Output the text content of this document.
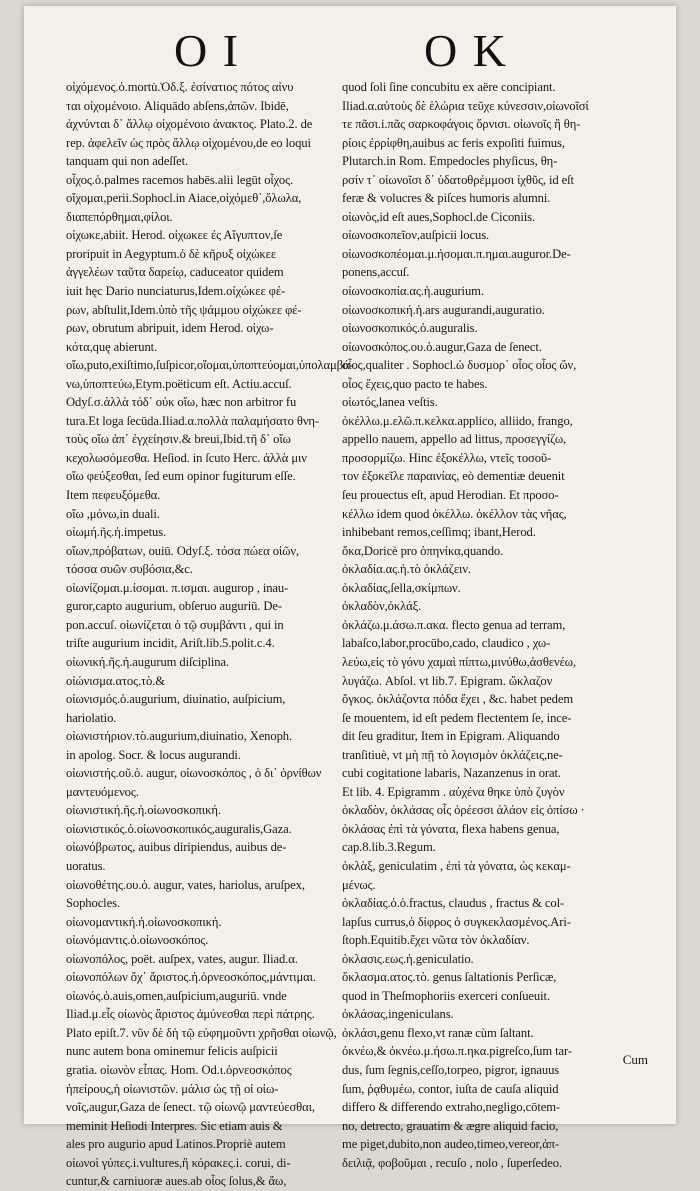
O I	O K
οἰχόμενος.ὁ.mortu̇.Ὁδ.ξ. ἐσίνατιος πότος αἰνυ
ται οἰχομένοιο. Aliquādo abſens,ἀπῶν. Ibidē,
ἀχνύνται δ᾽ ἄλλῳ οἰχομένοιο ἀνακτος. Plato.2. de
rep. ἀφελεῖν ὡς πρὸς ἄλλῳ οἰχομένου,de eo loqui
tanquam qui non adeſſet.
οἶχος.ὁ.palmes racemos habēs.alii legūt οἶχος.
οἴχομαι,perii.Sophocl.in Aiace,οἰχόμεθ᾽,ὄλωλα,
διαπεπόρθημαι,φίλοι.
οἰχωκε,abiit. Herod. οἰχωκεε ἐς Αἴγυπτον,ſe
proripuit in Aegyptum.ὁ δὲ κῆρυξ οἰχώκεε
ἀγγελέων ταῦτα δαρείῳ, caduceator quidem
iuit hęc Dario nunciaturus,Idem.οἰχώκεε φέ-
ρων, abſtulit,Idem.ὑπὸ τῆς ψάμμου οἰχώκεε φέ-
ρων, obrutum abripuit, idem Herod. οἰχω-
κότα,quę abierunt.
οἴω,puto,exiſtimo,ſuſpicor,οἴομαι,ὑποπτεύομαι,ὑπολαμβά-
νω,ὑποπτεύω,Etym.poëticum eſt. Actiu.accuſ.
Odyſ.σ.ἀλλὰ τόδ᾽ οὐκ οἴω, hæc non arbitror fu
tura.Et loga ſecūda.Iliad.α.πολλὰ παλαμήσατο θνη-
τοὺς οἴω ἀπ᾽ ἐγχείησιν.& breui,Ibid.τῆ δ᾽ οἴω
κεχολωσόμεσθα. Heſiod. in ſcuto Herc. ἀλλὰ μιν
οἴω φεύξεσθαι, ſed eum opinor fugiturum eſſe.
Item πεφευξόμεθα.
οἴω ,μόνω,in duali.
οἰωμή.ῆς.ἡ.impetus.
οἴων,πρόβατων, ouiū. Odyſ.ξ. τόσα πώεα οἰῶν,
τόσσα συῶν συβόσια,&c.
οἰωνίζομαι.μ.ίσομαι. π.ισμαι. augurор , inau-
guror,capto augurium, obſeruo auguriū. De-
pon.accuſ. οἰωνίζεται ὁ τῷ συμβάντι , qui in
triſte augurium incidit, Ariſt.lib.5.polit.c.4.
οἰωνική.ῆς.ἡ.augurum diſciplina.
οἰώνισμα.ατος.τὸ.&
οἰωνισμός.ὁ.augurium, diuinatio, auſpicium,
hariolatio.
οἰωνιστήριον.τὸ.augurium,diuinatio, Xenoph.
in apolog. Socr. & locus augurandi.
οἰωνιστής.οῦ.ὁ. augur, οἰωνοσκόπος , ὁ δι᾽ ὀρνίθων
μαντευόμενος.
οἰωνιστική.ῆς.ἡ.οἰωνοσκοπική.
οἰωνιστικός.ὁ.οἰωνοσκοπικός,auguralis,Gaza.
οἰωνόβρωτος, auibus diripiendus, auibus de-
uoratus.
οἰωνοθέτης.ου.ὁ. augur, vates, hariolus, aruſpex,
Sophocles.
οἰωνομαντική.ἡ.οἰωνοσκοπική.
οἰωνόμαντις.ὁ.οἰωνοσκόπος.
οἰωνοπόλος, poët. auſpex, vates, augur. Iliad.α.
οἰωνοπόλων ὄχ᾽ ἄριστος.ἡ.ὀρνεοσκόπος,μάντιμαι.
οἰωνός.ὁ.auis,omen,auſpicium,auguriū. vnde
Iliad.μ.εἷς οἰωνὸς ἄριστος ἀμύνεσθαι περὶ πάτρης.
Plato epiſt.7. νῦν δὲ δὴ τῷ εὐφημοῦντι χρῆσθαι οἰωνῷ,
nunc autem bona ominemur felicis auſpicii
gratia. οἰωνὸν εἶπας. Hom. Od.ι.ὀρνεοσκόπος
ἠπείρους,ἡ οἰωνιστῶν. μάλισ ὡς τῇ οἰ οἰω-
νοῖς,augur,Gaza de ſenect. τῷ οἰωνῷ μαντεύεσθαι,
meminit Heſiodi Interpres. Sic etiam auis &
ales pro augurio apud Latinos.Propriè autem
οἰωνοὶ γύπες.i.vultures,ἢ κόρακες.i. corui, di-
cuntur,& carniuoræ aues.ab οἶος ſolus,& ἄω,
quod ſoli ſine concubitu ex aëre concipiant.
Iliad.α.αὐτοὺς δὲ ἑλώρια τεῦχε κύνεσσιν,οἰωνοῖσί
τε πᾶσι.i.πᾶς σαρκοφάγοις ὄρνισι. οἰωνοῖς ἢ θη-
ρίοις ἐρρίφθη,auibus ac feris expoſiti fuimus,
Plutarch.in Rom. Empedocles phyſicus, θη-
ρσίν τ᾽ οἰωνοῖσι δ᾽ ὑδατοθρέμμοσι ἰχθῦς, id eſt
feræ & volucres & piſces humoris alumni.
οἰωνὸς,id eſt aues,Sophocl.de Ciconiis.
οἰωνοσκοπεῖον,auſpicii locus.
οἰωνοσκοπέομαι.μ.ήσομαι.π.ημαι.augurоr.De-
ponens,accuſ.
οἰωνοσκοπία.ας.ἡ.augurium.
οἰωνοσκοπική.ἡ.ars augurandi,auguratio.
οἰωνοσκοπικός.ὁ.auguralis.
οἰωνοσκόπος.ου.ὁ.augur,Gaza de ſenect.
οἶος,qualiter . Sophocl.ὡ δυσμορ᾽ οἷος οἶος ὤν,
οἶος ἔχεις,quo pacto te habes.
οἰωτός,lanea veſtis.
ὀκέλλω.μ.ελῶ.π.κελκα.applico, alliido, frango,
appello nauem, appello ad littus, προσεγγίζω,
προσορμίζω. Hinc ἐξοκέλλω, ντεῖς τοσοῦ-
τον ἐξοκεῖλε παραινίας, eò dementiæ deuenit
ſeu prouectus eſt, apud Herodian. Et προσο-
κέλλω idem quod ὀκέλλω. ὀκέλλον τὰς νῆας,
inhibebant remos,ceſſimq; ibant,Herod.
ὄκα,Doricè pro ὁπηνίκα,quando.
ὀκλαδία.ας.ἡ.τὸ ὀκλάζειν.
ὀκλαδίας,ſella,σκίμπων.
ὀκλαδὸν,ὀκλάξ.
ὀκλάζω.μ.άσω.π.ακα. flecto genua ad terram,
labaſco,labor,procūbo,cado, claudico , χω-
λεύω,εἰς τὸ γόνυ χαμαὶ πίπτω,μινύθω,ἀσθενέω,
λυγάζω. Abſol. vt lib.7. Epigram. ὤκλαζον
ὄγκος. ὀκλάζοντα πόδα ἔχει , &c. habet pedem
ſe mouentem, id eſt pedem flectentem ſe, ince-
dit ſeu graditur, Item in Epigram. Aliquando
tranſitiuè, vt μὴ πῇ τὸ λογισμὸν ὀκλάζεις,ne-
cubi cogitatione labaris, Nazanzenus in orat.
Et lib. 4. Epigramm . αὐχένα θηκε ὑπὸ ζυγὸν
ὀκλαδὸν, ὀκλάσας οἷς ὀρέεσσι ἀλάον εἰς ὀπίσω ·
ὀκλάσας ἐπὶ τὰ γόνατα, flexa habens genua,
cap.8.lib.3.Regum.
ὀκλὰξ, geniculatim , ἐπὶ τὰ γόνατα, ὡς κεκαμ-
μένως.
ὀκλαδίας.ὁ.ὁ.fractus, claudus , fractus & col-
lapſus currus,ὁ δίφρος ὁ συγκεκλασμένος.Ari-
ſtoph.Equitib.ἔχει νῶτα τὸν ὀκλαδίαν.
ὀκλασις.εως.ἡ.geniculatio.
ὄκλασμα.ατος.τὸ. genus ſaltationis Perſicæ,
quod in Theſmophoriis exerceri conſueuit.
ὀκλάσας,ingeniculans.
ὀκλάσι,genu flexo,vt ranæ cùm ſaltant.
ὀκνέω,& ὀκνέω.μ.ήσω.π.ηκα.pigreſco,ſum tar-
dus, ſum ſegnis,ceſſo,torpeo, pigror, ignauus
ſum, ῥᾳθυμέω, contor, iuſta de cauſa aliquid
differo & differendo extraho,negligo,cōtem-
no, detrecto, grauatim & ægre aliquid facio,
me piget,dubito,non audeo,timeo,vereor,ἀπ-
δειλιᾷ, φοβοῦμαι , recuſo , nolo , ſuperſedeo.
Cum
